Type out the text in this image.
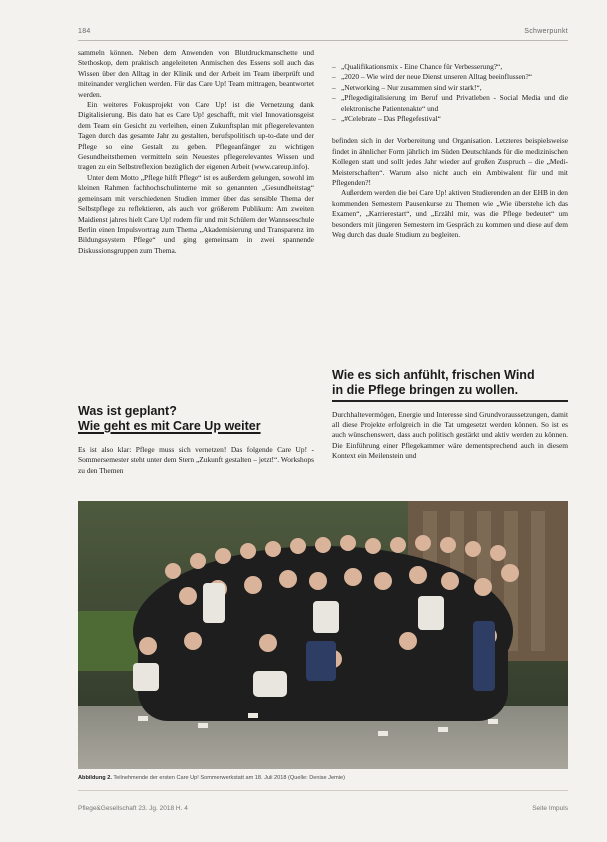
184	Schwerpunkt

sammeln können. Neben dem Anwenden von Blutdruckmanschette und Stethoskop, dem praktisch angeleiteten Anmischen des Essens soll auch das Wissen über den Alltag in der Klinik und der Arbeit im Team überprüft und miteinander verglichen werden. Für das Care Up! Team mittragen, beantwortet werden.

Ein weiteres Fokusprojekt von Care Up! ist die Vernetzung dank Digitalisierung. Bis dato hat es Care Up! geschafft, mit viel Innovationsgeist dem Team ein Gesicht zu verleihen, einen Zukunftsplan mit pflegerelevanten Tagen durch das gesamte Jahr zu gestalten, berufspolitisch up-to-date und der Pflege so eine Gestalt zu geben. Pflegeanfänger zu wichtigen Gesundheitsthemen vermitteln sein Neuestes pflegerelevantes Wissen und tragen zu ein Selbstreflexion bezüglich der eigenen Arbeit (www.careup.info).

Unter dem Motto „Pflege hilft Pflege“ ist es außerdem gelungen, sowohl im kleinen Rahmen fachhochschulinterne mit so genannten „Gesundheitstag“ gemeinsam mit verschiedenen Studien immer über das sensible Thema der Selbstpflege zu reflektieren, als auch vor größerem Publikum: Am zweiten Maidienst jahres hielt Care Up! rodem für und mit Schülern der Wannseeschule Berlin einen Impulsvortrag zum Thema „Akademisierung und Transparenz im Bildungssystem Pflege“ und ging gemeinsam in zwei spannende Diskussionsgruppen zum Thema.

Was ist geplant?
Wie geht es mit Care Up weiter

Es ist also klar: Pflege muss sich vernetzen! Das folgende Care Up! - Sommersemester steht unter dem Stern „Zukunft gestalten – jetzt!“. Workshops zu den Themen

– „Qualifikationsmix - Eine Chance für Verbesserung?“,
– „2020 – Wie wird der neue Dienst unseren Alltag beeinflussen?“
– „Networking – Nur zusammen sind wir stark!“,
– „Pflegedigitalisierung im Beruf und Privatleben - Social Media und die elektronische Patientenakte“ und
– „#Celebrate – Das Pflegefestival“

befinden sich in der Vorbereitung und Organisation. Letzteres beispielsweise findet in ähnlicher Form jährlich im Süden Deutschlands für die medizinischen Kollegen statt und sollt jedes Jahr wieder auf großen Zuspruch – die „Medi-Meisterschaften“. Warum also nicht auch ein Ambiwalent für und mit Pflegenden?!

Außerdem werden die bei Care Up! aktiven Studierenden an der EHB in den kommenden Semestern Pausenkurse zu Themen wie „Wie überstehe ich das Examen“, „Karrierestart“, und „Erzähl mir, was die Pflege bedeutet“ um besonders mit jüngeren Semestern im Gespräch zu kommen und diese auf dem Weg durch das duale Studium zu begleiten.

Wie es sich anfühlt, frischen Wind
in die Pflege bringen zu wollen.

Durchhaltevermögen, Energie und Interesse sind Grundvoraussetzungen, damit all diese Projekte erfolgreich in die Tat umgesetzt werden können. So ist es auch wünschenswert, dass auch politisch gestärkt und aktiv werden zu können. Die Einführung einer Pflegekammer wäre dementsprechend auch in diesem Kontext ein Meilenstein und

Abbildung 2. Teilnehmende der ersten Care Up! Sommerwerkstatt am 18. Juli 2018 (Quelle: Denise Jemie)
Pflege&Gesellschaft 23. Jg. 2018 H. 4	Seite Impuls
